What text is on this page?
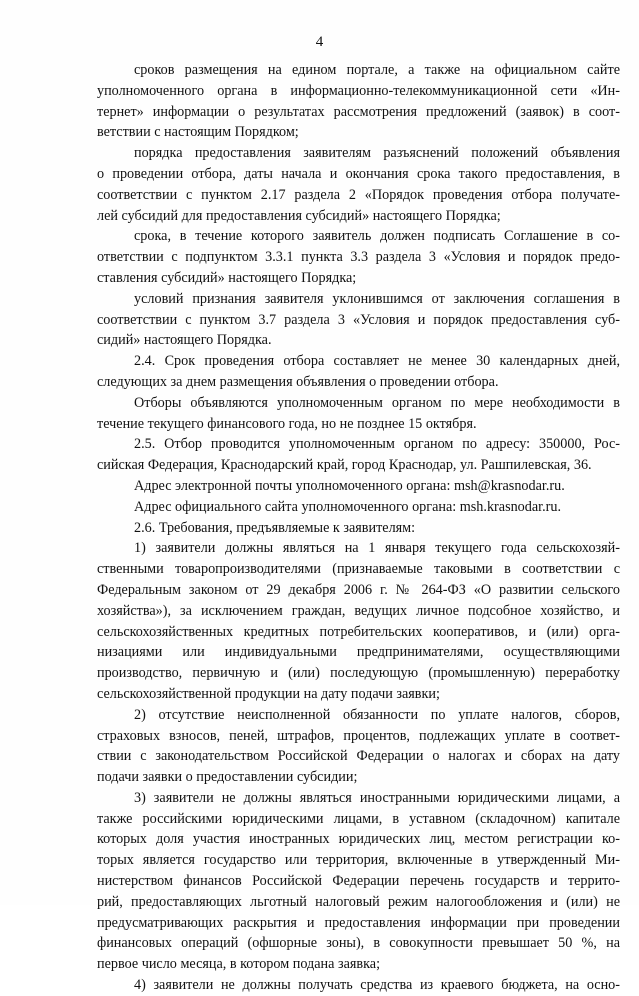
4
сроков размещения на едином портале, а также на официальном сайте
уполномоченного органа в информационно-телекоммуникационной сети «Ин-
тернет» информации о результатах рассмотрения предложений (заявок) в соот-
ветствии с настоящим Порядком;
порядка предоставления заявителям разъяснений положений объявления
о проведении отбора, даты начала и окончания срока такого предоставления, в
соответствии с пунктом 2.17 раздела 2 «Порядок проведения отбора получате-
лей субсидий для предоставления субсидий» настоящего Порядка;
срока, в течение которого заявитель должен подписать Соглашение в со-
ответствии с подпунктом 3.3.1 пункта 3.3 раздела 3 «Условия и порядок предо-
ставления субсидий» настоящего Порядка;
условий признания заявителя уклонившимся от заключения соглашения в
соответствии с пунктом 3.7 раздела 3 «Условия и порядок предоставления суб-
сидий» настоящего Порядка.
2.4. Срок проведения отбора составляет не менее 30 календарных дней,
следующих за днем размещения объявления о проведении отбора.
Отборы объявляются уполномоченным органом по мере необходимости в
течение текущего финансового года, но не позднее 15 октября.
2.5. Отбор проводится уполномоченным органом по адресу: 350000, Рос-
сийская Федерация, Краснодарский край, город Краснодар, ул. Рашпилевская, 36.
Адрес электронной почты уполномоченного органа: msh@krasnodar.ru.
Адрес официального сайта уполномоченного органа: msh.krasnodar.ru.
2.6. Требования, предъявляемые к заявителям:
1) заявители должны являться на 1 января текущего года сельскохозяй-
ственными товаропроизводителями (признаваемые таковыми в соответствии с
Федеральным законом от 29 декабря 2006 г. № 264-ФЗ «О развитии сельского
хозяйства»), за исключением граждан, ведущих личное подсобное хозяйство, и
сельскохозяйственных кредитных потребительских кооперативов, и (или) орга-
низациями или индивидуальными предпринимателями, осуществляющими
производство, первичную и (или) последующую (промышленную) переработку
сельскохозяйственной продукции на дату подачи заявки;
2) отсутствие неисполненной обязанности по уплате налогов, сборов,
страховых взносов, пеней, штрафов, процентов, подлежащих уплате в соответ-
ствии с законодательством Российской Федерации о налогах и сборах на дату
подачи заявки о предоставлении субсидии;
3) заявители не должны являться иностранными юридическими лицами, а
также российскими юридическими лицами, в уставном (складочном) капитале
которых доля участия иностранных юридических лиц, местом регистрации ко-
торых является государство или территория, включенные в утвержденный Ми-
нистерством финансов Российской Федерации перечень государств и террито-
рий, предоставляющих льготный налоговый режим налогообложения и (или) не
предусматривающих раскрытия и предоставления информации при проведении
финансовых операций (офшорные зоны), в совокупности превышает 50 %, на
первое число месяца, в котором подана заявка;
4) заявители не должны получать средства из краевого бюджета, на осно-
